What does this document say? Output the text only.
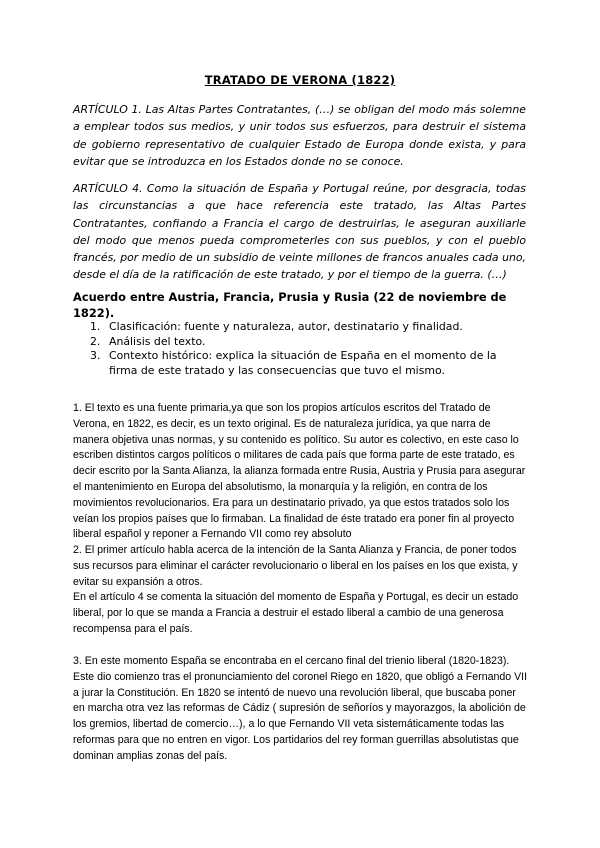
TRATADO DE VERONA (1822)
ARTÍCULO 1. Las Altas Partes Contratantes, (…) se obligan del modo más solemne a emplear todos sus medios, y unir todos sus esfuerzos, para destruir el sistema de gobierno representativo de cualquier Estado de Europa donde exista, y para evitar que se introduzca en los Estados donde no se conoce.
ARTÍCULO 4. Como la situación de España y Portugal reúne, por desgracia, todas las circunstancias a que hace referencia este tratado, las Altas Partes Contratantes, confiando a Francia el cargo de destruirlas, le aseguran auxiliarle del modo que menos pueda comprometerles con sus pueblos, y con el pueblo francés, por medio de un subsidio de veinte millones de francos anuales cada uno, desde el día de la ratificación de este tratado, y por el tiempo de la guerra. (…)
Acuerdo entre Austria, Francia, Prusia y Rusia (22 de noviembre de 1822).
1. Clasificación: fuente y naturaleza, autor, destinatario y finalidad.
2. Análisis del texto.
3. Contexto histórico: explica la situación de España en el momento de la firma de este tratado y las consecuencias que tuvo el mismo.

1. El texto es una fuente primaria,ya que son los propios artículos escritos del Tratado de Verona, en 1822, es decir, es un texto original. Es de naturaleza jurídica, ya que narra de manera objetiva unas normas, y su contenido es político. Su autor es colectivo, en este caso lo escriben distintos cargos políticos o militares de cada país que forma parte de este tratado, es decir escrito por la Santa Alianza, la alianza formada entre Rusia, Austria y Prusia para asegurar el mantenimiento en Europa del absolutismo, la monarquía y la religión, en contra de los movimientos revolucionarios. Era para un destinatario privado, ya que estos tratados solo los veían los propios países que lo firmaban. La finalidad de éste tratado era poner fin al proyecto liberal español y reponer a Fernando VII como rey absoluto

2. El primer artículo habla acerca de la intención de la Santa Alianza y Francia, de poner todos sus recursos para eliminar el carácter revolucionario o liberal en los países en los que exista, y evitar su expansión a otros.

En el artículo 4 se comenta la situación del momento de España y Portugal, es decir un estado liberal, por lo que se manda a Francia a destruir el estado liberal a cambio de una generosa recompensa para el país.

3. En este momento España se encontraba en el cercano final del trienio liberal (1820-1823). Este dio comienzo tras el pronunciamiento del coronel Riego en 1820, que obligó a Fernando VII a jurar la Constitución. En 1820 se intentó de nuevo una revolución liberal, que buscaba poner en marcha otra vez las reformas de Cádiz ( supresión de señoríos y mayorazgos, la abolición de los gremios, libertad de comercio…), a lo que Fernando VII veta sistemáticamente todas las reformas para que no entren en vigor. Los partidarios del rey forman guerrillas absolutistas que dominan amplias zonas del país.
